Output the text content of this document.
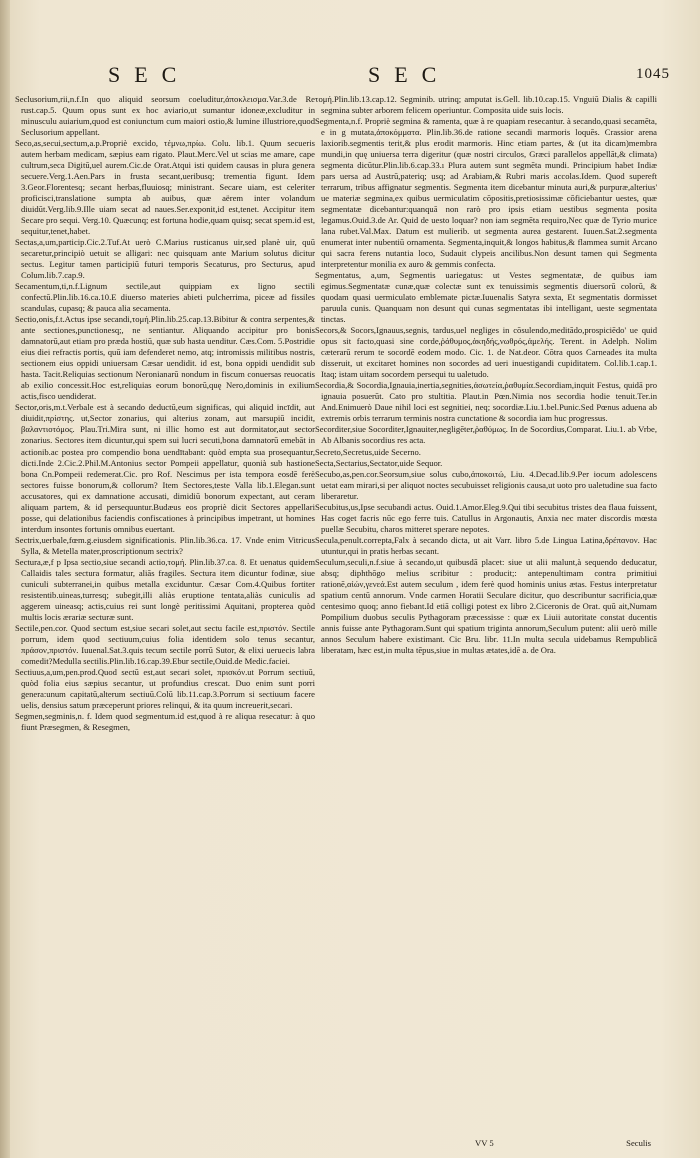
SEC	SEC	1045

Seclusorium,rii,n.f.In quo aliquid seorsum coeluditur,ἀποκλεισμα.Var.3.de Re rust.cap.5. Quum opus sunt ex hoc aviario,ut sumantur idoneæ,excluditur in minusculu auiarium,quod est coniunctum cum maiori ostio,& lumine illustriore,quod Seclusorium appellant.

Seco,as,secui,sectum,a.p.Propriè excido, τέμνω,πρίω. Colu. lib.1. Quum secueris autem herbam medicam, sæpius eam rigato. Plaut.Merc.Vel ut scias me amare, cape cultrum,seca Digitū,uel aurem.Cic.de Orat.Atqui isti quidem causas in plura genera secuere.Verg.1.Aen.Pars in frusta secant,ueribusq; trementia figunt. Idem 3.Geor.Florentesq; secant herbas,fluuiosq; ministrant. Secare uiam, est celeriter proficisci,translatione sumpta ab auibus, quæ aërem inter volandum diuidūt.Verg.lib.9.Ille uiam secat ad naues.Ser.exponit,id est,tenet. Accipitur item Secare pro sequi. Verg.10. Quæcunq; est fortuna hodie,quam quisq; secat spem.id est, sequitur,tenet,habet.

Sectas,a,um,particip.Cic.2.Tuf.At uerò C.Marius rusticanus uir,sed planè uir, quū secaretur,principiò uetuit se alligari: nec quisquam ante Marium solutus dicitur sectus. Legitur tamen participiū futuri temporis Secaturus, pro Secturus, apud Colum.lib.7.cap.9.

Secamentum,ti,n.f.Lignum sectile,aut quippiam ex ligno sectili confectū.Plin.lib.16.ca.10.E diuerso materies abieti pulcherrima, piceæ ad fissiles scandulas, cupasq; & pauca alia secamenta.

Sectio,onis,f.t.Actus ipse secandi,τομή.Plin.lib.25.cap.13.Bibitur & contra serpentes,& ante sectiones,punctionesq;, ne sentiantur. Aliquando accipitur pro bonis damnatorū,aut etiam pro præda hostiū, quæ sub hasta uenditur. Cæs.Com. 5.Postridie eius diei refractis portis, quū iam defenderet nemo, atq; intromissis militibus nostris, sectionem eius oppidi uniuersam Cæsar uendidit. id est, bona oppidi uendidit sub hasta. Tacit.Reliquias sectionum Neronianarū nondum in fiscum conuersas reuocatis ab exilio concessit.Hoc est,reliquias eorum bonorū,quę Nero,dominis in exilium actis,fisco uendiderat.

Sector,oris,m.t.Verbale est à secando deductū,eum significas, qui aliquid incīdit, aut diuidit,πρίστης. ut,Sector zonarius, qui alterius zonam, aut marsupiū incidit, βαλαντιοτόμος. Plau.Tri.Mira sunt, ni illic homo est aut dormitator,aut sector zonarius. Sectores item dicuntur,qui spem sui lucri secuti,bona damnatorū emebāt in actionib.ac postea pro compendio bona uendītabant: quòd empta sua prosequantur, dicti.Inde 2.Cic.2.Phil.M.Antonius sector Pompeii appellatur, quonià sub hastione bona Cn.Pompeii redemerat.Cic. pro Rof. Nescimus per ista tempora eosdē ferè sectores fuisse bonorum,& collorum? Item Sectores,teste Valla lib.1.Elegan.sunt accusatores, qui ex damnatione accusati, dimidiū bonorum expectant, aut ceram aliquam partem, & id persequuntur.Budæus eos propriè dicit Sectores appellari posse, qui delationibus faciendis confiscationes à principibus impetrant, ut homines interdum insontes fortunis omnibus euertant.

Sectrix,uerbale,fœm.g.eiusdem significationis. Plin.lib.36.ca. 17. Vnde enim Vitricus Sylla, & Metella mater,proscriptionum sectrix?

Sectura,æ,f p Ipsa sectio,siue secandi actio,τομή. Plin.lib.37.ca. 8. Et uenatus quidem Callaidis tales sectura formatur, aliās fragiles. Sectura item dicuntur fodinæ, siue cuniculi subterranei,in quibus metalla exciduntur. Cæsar Com.4.Quibus fortiter resistentib.uineas,turresq; subegit,illi aliàs eruptione tentata,aliàs cuniculis ad aggerem uineasq; actis,cuius rei sunt longè peritissimi Aquitani, propterea quòd multis locis ærariæ secturæ sunt.

Sectile,pen.cor. Quod sectum est,siue secari solet,aut sectu facile est,πριστόν. Sectile porrum, idem quod sectiuum,cuius folia identidem solo tenus secantur, πράσον,πριστόν. Iuuenal.Sat.3.quis tecum sectile porrū Sutor, & elixi ueruecis labra comedit?Medulla sectilis.Plin.lib.16.cap.39.Ebur sectile,Ouid.de Medic.faciei.

Sectiuus,a,um,pen.prod.Quod sectū est,aut secari solet, πρισκόν.ut Porrum sectiuū, quòd folia eius sæpius secantur, ut profundius crescat. Duo enim sunt porri genera:unum capitatū,alterum sectiuū.Colū lib.11.cap.3.Porrum si sectiuum facere uelis, densius satum præceperunt priores relinqui, & ita quum increuerit,secari.

Segmen,segminis,n. f. Idem quod segmentum.id est,quod à re aliqua resecatur: à quo fiunt Præsegmen, & Resegmen,

τομή.Plin.lib.13.cap.12. Segminib. utrinq; amputat is.Gell. lib.10.cap.15. Vnguiū Dialis & capilli segmina subter arborem felicem operiuntur. Composita uide suis locis.

Segmenta,n.f. Propriè segmina & ramenta, quæ à re quapiam resecantur. à secando,quasi secamēta, e in g mutata,ἀποκόμματα. Plin.lib.36.de ratione secandi marmoris loquēs. Crassior arena laxiorib.segmentis terit,& plus erodit marmoris. Hinc etiam partes, & (ut ita dicam)membra mundi,in quę uniuersa terra digeritur (quæ nostri circulos, Græci parallelos appellāt,& climata) segmenta dicūtur.Plin.lib.6.cap.33.ı Plura autem sunt segmēta mundi. Principium habet Indiæ pars uersa ad Austrū,pateriq; usq; ad Arabiam,& Rubri maris accolas.Idem. Quod supereft terrarum, tribus affignatur segmentis. Segmenta item dicebantur minuta auri,& purpuræ,alterius' ue materiæ segmina,ex quibus uermiculatim cōpositis,pretiosissimæ cōficiebantur uestes, quæ segmentatæ dicebantur:quanquā non rarò pro ipsis etiam uestibus segmenta posita legamus.Ouid.3.de Ar. Quid de uesto loquar? non iam segmēta requiro,Nec quæ de Tyrio murice lana rubet.Val.Max. Datum est mulierib. ut segmenta aurea gestarent. Iuuen.Sat.2.segmenta enumerat inter nubentiū ornamenta. Segmenta,inquit,& longos habitus,& flammea sumit Arcano qui sacra ferens nutantia loco, Sudauit clypeis ancilibus.Non desunt tamen qui Segmenta interpretentur monilia ex auro & gemmis confecta.

Segmentatus, a,um, Segmentis uariegatus: ut Vestes segmentatæ, de quibus iam egimus.Segmentatæ cunæ,quæ colectæ sunt ex tenuissimis segmentis diuersorū colorū, & quodam quasi uermiculato emblemate pictæ.Iuuenalis Satyra sexta, Et segmentatis dormisset paruula cunis. Quanquam non desunt qui cunas segmentatas ibi intelligant, ueste segmentata tinctas.

Secors,& Socors,Ignauus,segnis, tardus,uel negliges in cōsulendo,meditādo,prospiciēdo' ue quid opus sit facto,quasi sine corde,ῥάθυμος,ἀκηδής,νωθρός,ἀμελής. Terent. in Adelph. Nolim cæterarū rerum te socordē eodem modo. Cic. 1. de Nat.deor. Cōtra quos Carneades ita multa disseruit, ut excitaret homines non socordes ad ueri inuestigandi cupiditatem. Col.lib.1.cap.1. Itaq; istam uitam socordem persequi tu ualetudo.

Secordia,& Socordia,Ignauia,inertia,segnities,ἀσωτεία,ῥαθυμία.Secordiam,inquit Festus, quidā pro ignauia posuerūt. Cato pro stultitia. Plaut.in Pœn.Nimia nos secordia hodie tenuit.Ter.in And.Enimuerò Daue nihil loci est segnitiei, neq; socordiæ.Liu.1.bel.Punic.Sed Pœnus aduena ab extremis orbis terrarum terminis nostra cunctatione & socordia iam huc progressus.

Secorditer,siue Socorditer,Ignauiter,negligēter,ῥαθύμως. In de Socordius,Comparat. Liu.1. ab Vrbe, Ab Albanis socordius res acta.

Secreto,Secretus,uide Secerno.

Secta,Sectarius,Sectator,uide Sequor.

Secubo,as,pen.cor.Seorsum,siue solus cubo,ἀποκοιτώ, Liu. 4.Decad.lib.9.Per iocum adolescens uetat eam mirari,si per aliquot noctes secubuisset religionis causa,ut uoto pro ualetudine sua facto liberaretur.

Secubitus,us,Ipse secubandi actus. Ouid.1.Amor.Eleg.9.Qui tibi secubitus tristes dea flaua fuissent, Has coget facris nūc ego ferre tuis. Catullus in Argonautis, Anxia nec mater discordis mœsta puellæ Secubitu, charos mitteret sperare nepotes.

Secula,penult.correpta,Falx à secando dicta, ut ait Varr. libro 5.de Lingua Latina,δρέπανον. Hac utuntur,qui in pratis herbas secant.

Seculum,seculi,n.f.siue à secando,ut quibusdā placet: siue ut alii malunt,à sequendo deducatur, absq; diphthōgo melius scribitur : producit;: antepenultimam contra primitiui rationē,αἰών,γενεά.Est autem seculum , idem ferè quod hominis unius ætas. Festus interpretatur spatium centū annorum. Vnde carmen Horatii Seculare dicitur, quo describuntur sacrificia,quæ centesimo quoq; anno fiebant.Id etiā colligi potest ex libro 2.Ciceronis de Orat. quū ait,Numam Pompilium duobus seculis Pythagoram præcessisse : quæ ex Liuii autoritate constat ducentis annis fuisse ante Pythagoram.Sunt qui spatium triginta annorum,Seculum putent: alii uerò mille annos Seculum habere existimant. Cic Bru. libr. 11.In multa secula uidebamus Rempublicā liberatam, hæc est,in multa tēpus,siue in multas ætates,idē a. de Ora.

VV 5	Seculis
